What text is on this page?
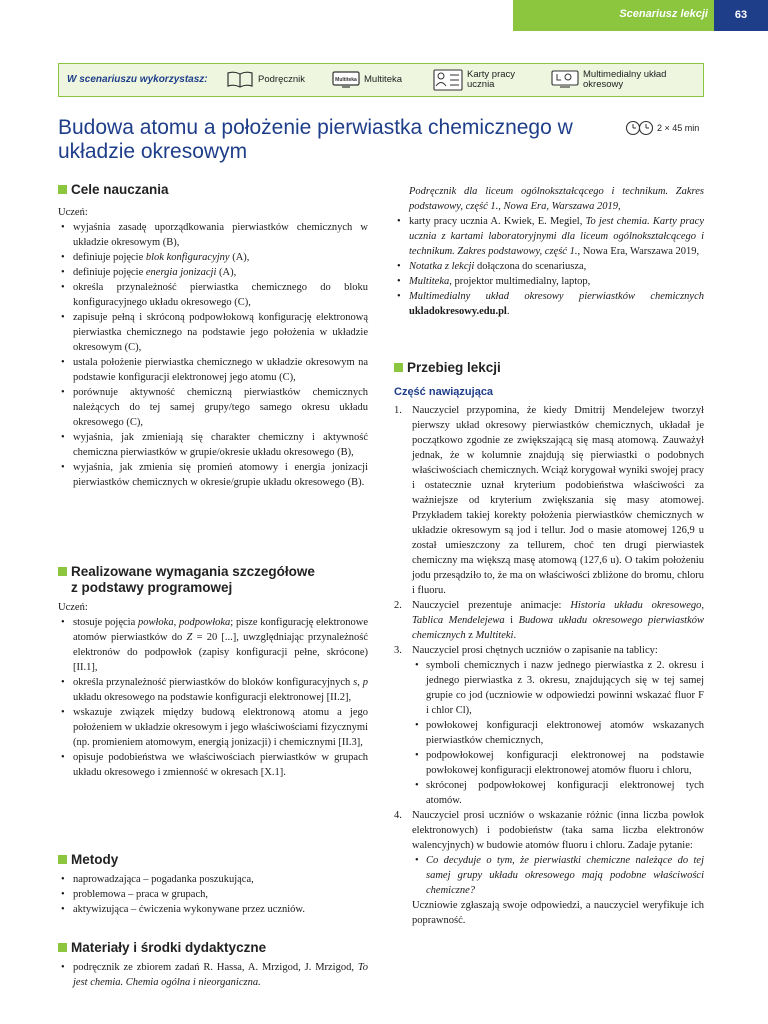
Scenariusz lekcji	63
W scenariuszu wykorzystasz:	Podręcznik	Multiteka Multiteka	Karty pracy ucznia
Multimedialny układ okresowy
Budowa atomu a położenie pierwiastka chemicznego w układzie okresowym
2 × 45 min
Cele nauczania
Uczeń:
• wyjaśnia zasadę uporządkowania pierwiastków chemicznych w układzie okresowym (B),
• definiuje pojęcie blok konfiguracyjny (A),
• definiuje pojęcie energia jonizacji (A),
• określa przynależność pierwiastka chemicznego do bloku konfiguracyjnego układu okresowego (C),
• zapisuje pełną i skróconą podpowłokową konfigurację elektronową pierwiastka chemicznego na podstawie jego położenia w układzie okresowym (C),
• ustala położenie pierwiastka chemicznego w układzie okresowym na podstawie konfiguracji elektronowej jego atomu (C),
• porównuje aktywność chemiczną pierwiastków chemicznych należących do tej samej grupy/tego samego okresu układu okresowego (C),
• wyjaśnia, jak zmieniają się charakter chemiczny i aktywność chemiczna pierwiastków w grupie/okresie układu okresowego (B),
• wyjaśnia, jak zmienia się promień atomowy i energia jonizacji pierwiastków chemicznych w okresie/grupie układu okresowego (B).
Realizowane wymagania szczegółowe
z podstawy programowej
Uczeń:
• stosuje pojęcia powłoka, podpowłoka; pisze konfigurację elektronowe atomów pierwiastków do Z = 20 [...], uwzględniając przynależność elektronów do podpowłok (zapisy konfiguracji pełne, skrócone) [II.1],
• określa przynależność pierwiastków do bloków konfiguracyjnych s, p układu okresowego na podstawie konfiguracji elektronowej [II.2],
• wskazuje związek między budową elektronową atomu a jego położeniem w układzie okresowym i jego właściwościami fizycznymi (np. promieniem atomowym, energią jonizacji) i chemicznymi [II.3],
• opisuje podobieństwa we właściwościach pierwiastków w grupach układu okresowego i zmienność w okresach [X.1].
Metody
• naprowadzająca – pogadanka poszukująca,
• problemowa – praca w grupach,
• aktywizująca – ćwiczenia wykonywane przez uczniów.
Materiały i środki dydaktyczne
• podręcznik ze zbiorem zadań R. Hassa, A. Mrzigod, J. Mrzigod, To jest chemia. Chemia ogólna i nieorganiczna.
Podręcznik dla liceum ogólnokształcącego i technikum. Zakres podstawowy, część 1., Nowa Era, Warszawa 2019,
• karty pracy ucznia A. Kwiek, E. Megiel, To jest chemia. Karty pracy ucznia z kartami laboratoryjnymi dla liceum ogólnokształcącego i technikum. Zakres podstawowy, część 1., Nowa Era, Warszawa 2019,
• Notatka z lekcji dołączona do scenariusza,
• Multiteka, projektor multimedialny, laptop,
• Multimedialny układ okresowy pierwiastków chemicznych ukladokresowy.edu.pl.
Przebieg lekcji
Część nawiązująca
1. Nauczyciel przypomina, że kiedy Dmitrij Mendelejew tworzył pierwszy układ okresowy pierwiastków chemicznych, układał je początkowo zgodnie ze zwiększającą się masą atomową. Zauważył jednak, że w kolumnie znajdują się pierwiastki o podobnych właściwościach chemicznych. Wciąż korygował wyniki swojej pracy i ostatecznie uznał kryterium podobieństwa właściwości za ważniejsze od kryterium zwiększania się masy atomowej. Przykładem takiej korekty położenia pierwiastków chemicznych w układzie okresowym są jod i tellur. Jod o masie atomowej 126,9 u został umieszczony za tellurem, choć ten drugi pierwiastek chemiczny ma większą masę atomową (127,6 u). O takim położeniu jodu przesądziło to, że ma on właściwości zbliżone do bromu, chloru i fluoru.
2. Nauczyciel prezentuje animacje: Historia układu okresowego, Tablica Mendelejewa i Budowa układu okresowego pierwiastków chemicznych z Multiteki.
3. Nauczyciel prosi chętnych uczniów o zapisanie na tablicy:
• symboli chemicznych i nazw jednego pierwiastka z 2. okresu i jednego pierwiastka z 3. okresu, znajdujących się w tej samej grupie co jod (uczniowie w odpowiedzi powinni wskazać fluor F i chlor Cl),
• powłokowej konfiguracji elektronowej atomów wskazanych pierwiastków chemicznych,
• podpowłokowej konfiguracji elektronowej na podstawie powłokowej konfiguracji elektronowej atomów fluoru i chloru,
• skróconej podpowłokowej konfiguracji elektronowej tych atomów.
4. Nauczyciel prosi uczniów o wskazanie różnic (inna liczba powłok elektronowych) i podobieństw (taka sama liczba elektronów walencyjnych) w budowie atomów fluoru i chloru. Zadaje pytanie:
• Co decyduje o tym, że pierwiastki chemiczne należące do tej samej grupy układu okresowego mają podobne właściwości chemiczne?
Uczniowie zgłaszają swoje odpowiedzi, a nauczyciel weryfikuje ich poprawność.
